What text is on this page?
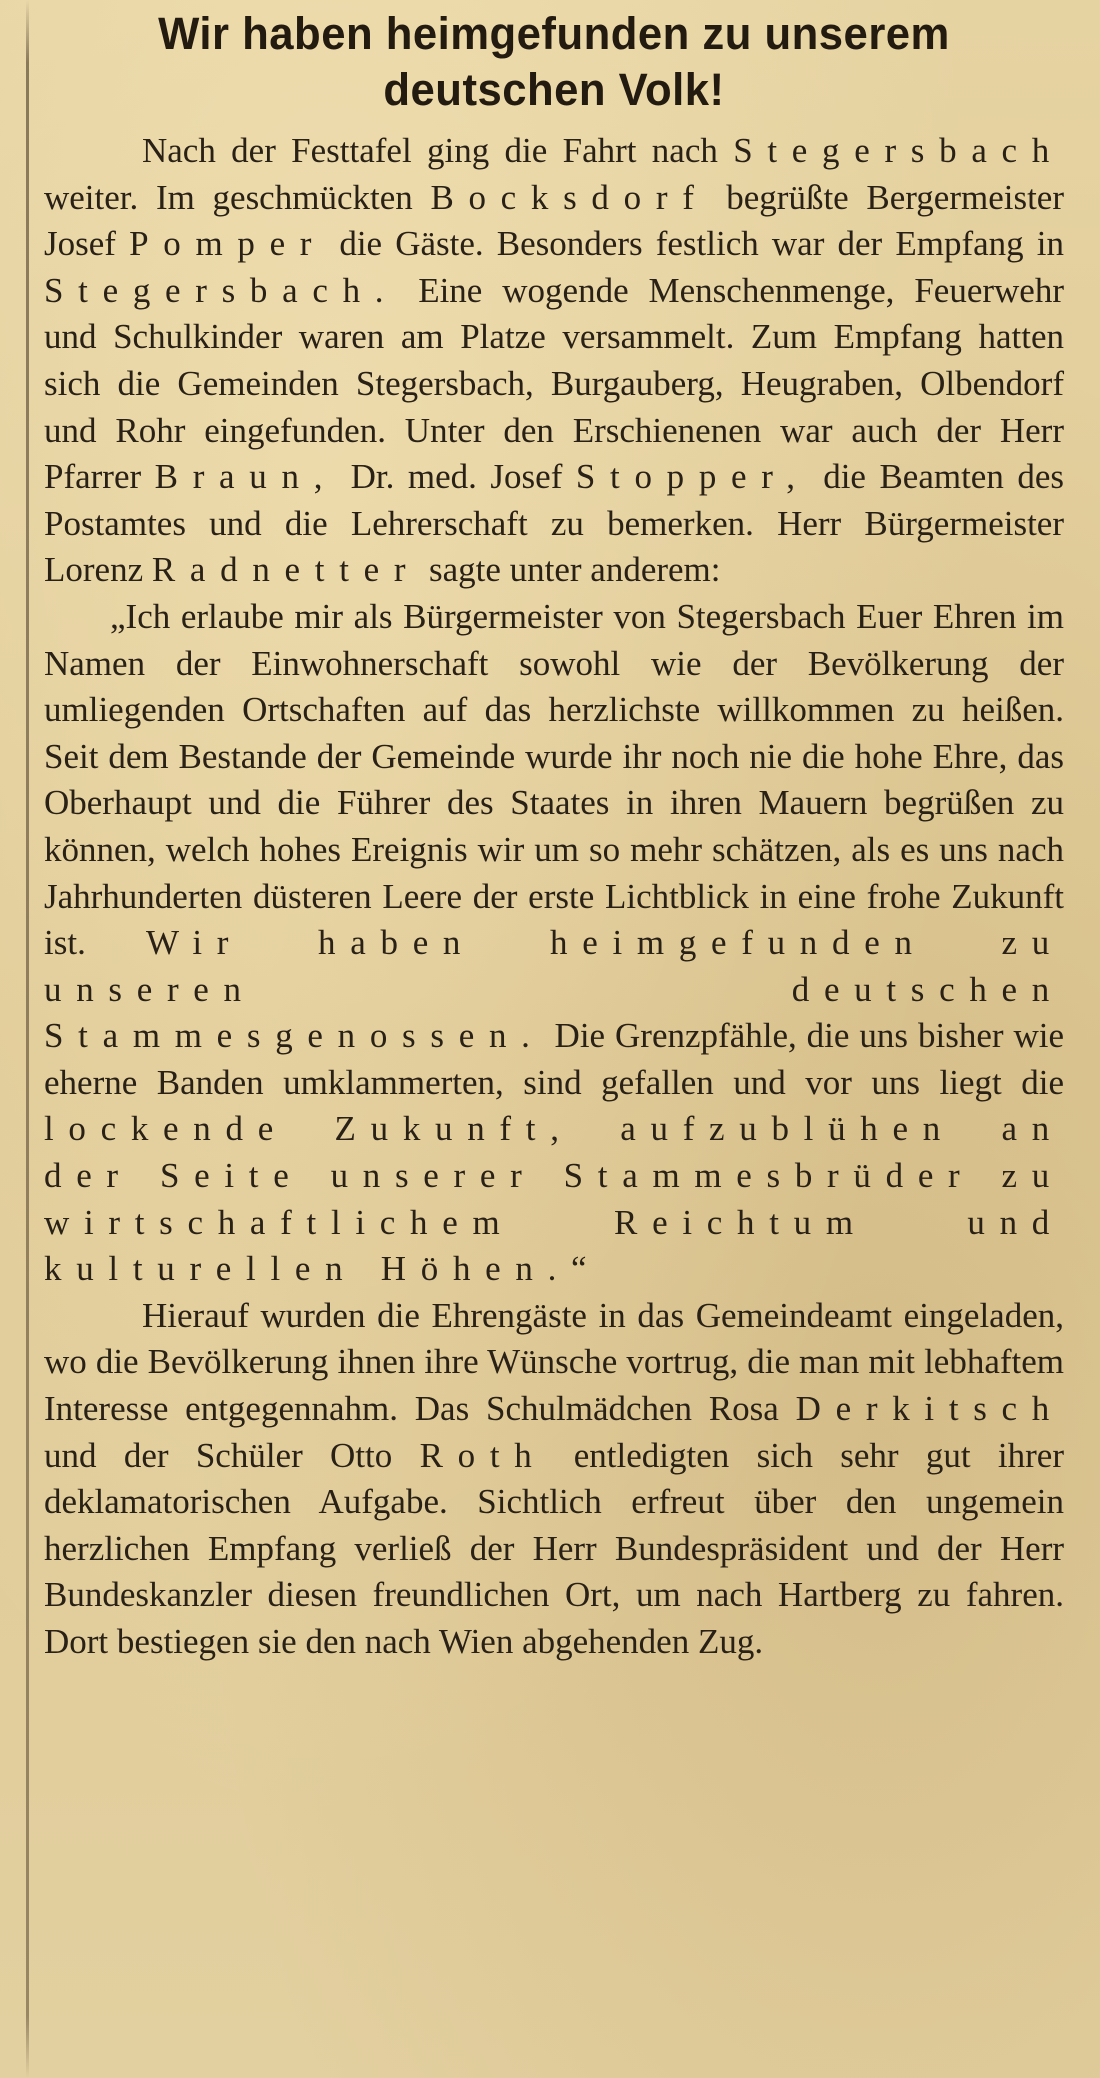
Wir haben heimgefunden zu unserem
deutschen Volk!

Nach der Festtafel ging die Fahrt nach Stegersbach weiter. Im geschmückten Bocksdorf begrüßte Bergermeister Josef Pomper die Gäste. Besonders festlich war der Empfang in Stegersbach. Eine wogende Menschenmenge, Feuerwehr und Schulkinder waren am Platze versammelt. Zum Empfang hatten sich die Gemeinden Stegersbach, Burgauberg, Heugraben, Olbendorf und Rohr eingefunden. Unter den Erschienenen war auch der Herr Pfarrer Braun, Dr. med. Josef Stopper, die Beamten des Postamtes und die Lehrerschaft zu bemerken. Herr Bürgermeister Lorenz Radnetter sagte unter anderem:

„Ich erlaube mir als Bürgermeister von Stegersbach Euer Ehren im Namen der Einwohnerschaft sowohl wie der Bevölkerung der umliegenden Ortschaften auf das herzlichste willkommen zu heißen. Seit dem Bestande der Gemeinde wurde ihr noch nie die hohe Ehre, das Oberhaupt und die Führer des Staates in ihren Mauern begrüßen zu können, welch hohes Ereignis wir um so mehr schätzen, als es uns nach Jahrhunderten düsteren Leere der erste Lichtblick in eine frohe Zukunft ist. Wir haben heimgefunden zu unseren deutschen Stammesgenossen. Die Grenzpfähle, die uns bisher wie eherne Banden umklammerten, sind gefallen und vor uns liegt die lockende Zukunft, aufzublühen an der Seite unserer Stammesbrüder zu wirtschaftlichem Reichtum und kulturellen Höhen.“

Hierauf wurden die Ehrengäste in das Gemeindeamt eingeladen, wo die Bevölkerung ihnen ihre Wünsche vortrug, die man mit lebhaftem Interesse entgegennahm. Das Schulmädchen Rosa Derkitsch und der Schüler Otto Roth entledigten sich sehr gut ihrer deklamatorischen Aufgabe. Sichtlich erfreut über den ungemein herzlichen Empfang verließ der Herr Bundespräsident und der Herr Bundeskanzler diesen freundlichen Ort, um nach Hartberg zu fahren. Dort bestiegen sie den nach Wien abgehenden Zug.
